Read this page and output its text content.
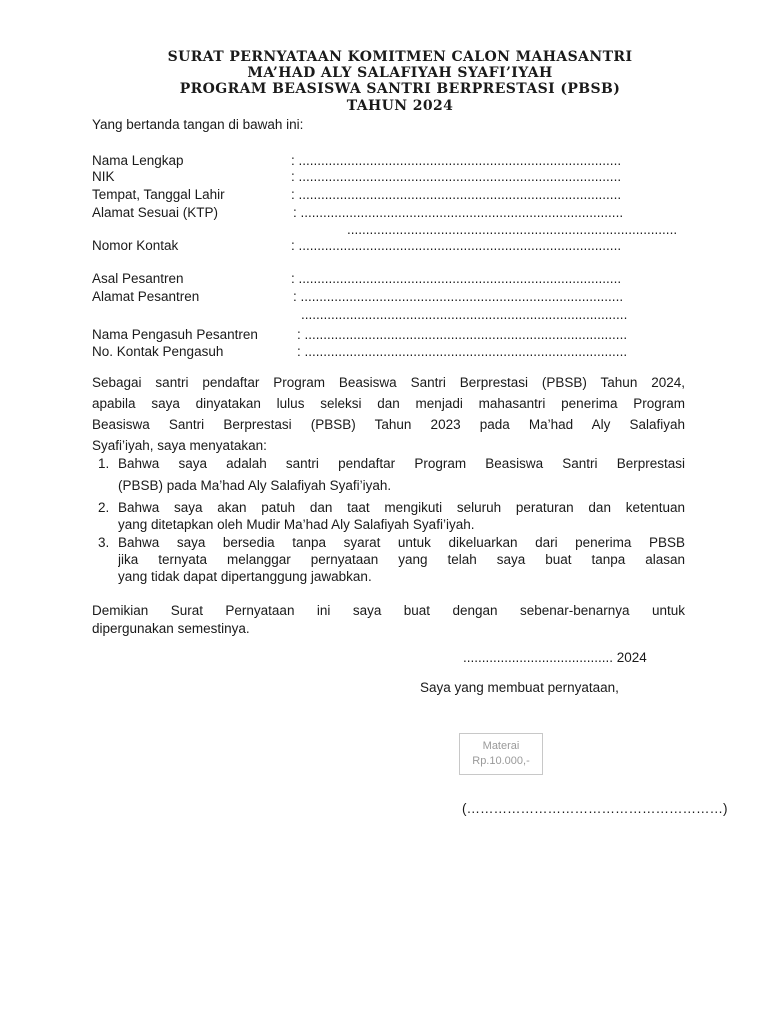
SURAT PERNYATAAN KOMITMEN CALON MAHASANTRI
MA’HAD ALY SALAFIYAH SYAFI’IYAH
PROGRAM BEASISWA SANTRI BERPRESTASI (PBSB)
TAHUN 2024
Yang bertanda tangan di bawah ini:
Nama Lengkap	: ......................................................................................
NIK	: ......................................................................................
Tempat, Tanggal Lahir	: ......................................................................................
Alamat Sesuai (KTP)	: ......................................................................................
........................................................................................
Nomor Kontak	: ......................................................................................
Asal Pesantren	: ......................................................................................
Alamat Pesantren	: ......................................................................................
.......................................................................................
Nama Pengasuh Pesantren	: ......................................................................................
No. Kontak Pengasuh	: ......................................................................................
Sebagai santri pendaftar Program Beasiswa Santri Berprestasi (PBSB) Tahun 2024,
apabila saya dinyatakan lulus seleksi dan menjadi mahasantri penerima Program
Beasiswa Santri Berprestasi (PBSB) Tahun 2023 pada Ma’had Aly Salafiyah
Syafi’iyah, saya menyatakan:
1. Bahwa saya adalah santri pendaftar Program Beasiswa Santri Berprestasi
(PBSB) pada Ma’had Aly Salafiyah Syafi’iyah.
2. Bahwa saya akan patuh dan taat mengikuti seluruh peraturan dan ketentuan
yang ditetapkan oleh Mudir Ma’had Aly Salafiyah Syafi’iyah.
3. Bahwa saya bersedia tanpa syarat untuk dikeluarkan dari penerima PBSB
jika ternyata melanggar pernyataan yang telah saya buat tanpa alasan
yang tidak dapat dipertanggung jawabkan.
Demikian Surat Pernyataan ini saya buat dengan sebenar-benarnya untuk
dipergunakan semestinya.
........................................ 2024
Saya yang membuat pernyataan,
Materai
Rp.10.000,-
(…………………………………………………)
